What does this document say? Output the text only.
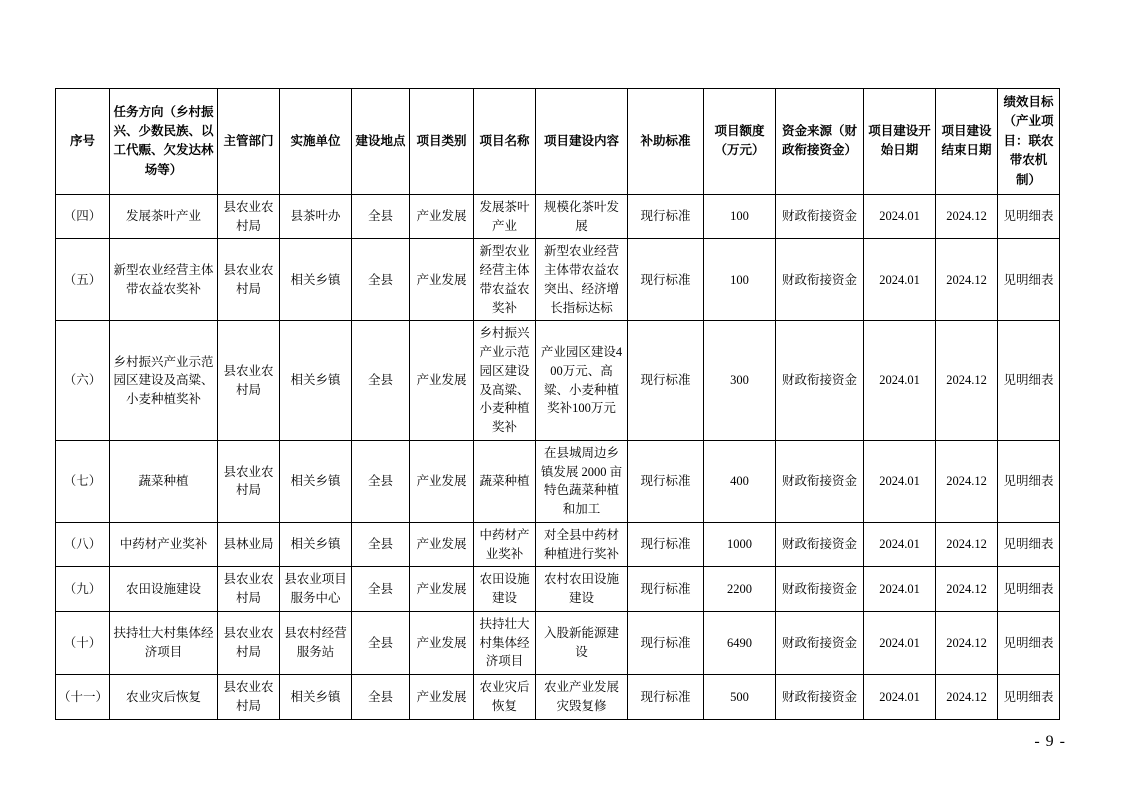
序号	任务方向（乡村振兴、少数民族、以工代赈、欠发达林场等）	主管部门	实施单位	建设地点	项目类别	项目名称	项目建设内容	补助标准	项目额度（万元）	资金来源（财政衔接资金）	项目建设开始日期	项目建设结束日期	绩效目标（产业项目：联农带农机制）
（四）	发展茶叶产业	县农业农村局	县茶叶办	全县	产业发展	发展茶叶产业	规模化茶叶发展	现行标准	100	财政衔接资金	2024.01	2024.12	见明细表
（五）	新型农业经营主体带农益农奖补	县农业农村局	相关乡镇	全县	产业发展	新型农业经营主体带农益农奖补	新型农业经营主体带农益农突出、经济增长指标达标	现行标准	100	财政衔接资金	2024.01	2024.12	见明细表
（六）	乡村振兴产业示范园区建设及高粱、小麦种植奖补	县农业农村局	相关乡镇	全县	产业发展	乡村振兴产业示范园区建设及高粱、小麦种植奖补	产业园区建设400万元、高粱、小麦种植奖补100万元	现行标准	300	财政衔接资金	2024.01	2024.12	见明细表
（七）	蔬菜种植	县农业农村局	相关乡镇	全县	产业发展	蔬菜种植	在县城周边乡镇发展 2000 亩特色蔬菜种植和加工	现行标准	400	财政衔接资金	2024.01	2024.12	见明细表
（八）	中药材产业奖补	县林业局	相关乡镇	全县	产业发展	中药材产业奖补	对全县中药材种植进行奖补	现行标准	1000	财政衔接资金	2024.01	2024.12	见明细表
（九）	农田设施建设	县农业农村局	县农业项目服务中心	全县	产业发展	农田设施建设	农村农田设施建设	现行标准	2200	财政衔接资金	2024.01	2024.12	见明细表
（十）	扶持壮大村集体经济项目	县农业农村局	县农村经营服务站	全县	产业发展	扶持壮大村集体经济项目	入股新能源建设	现行标准	6490	财政衔接资金	2024.01	2024.12	见明细表
（十一）	农业灾后恢复	县农业农村局	相关乡镇	全县	产业发展	农业灾后恢复	农业产业发展灾毁复修	现行标准	500	财政衔接资金	2024.01	2024.12	见明细表
- 9 -
